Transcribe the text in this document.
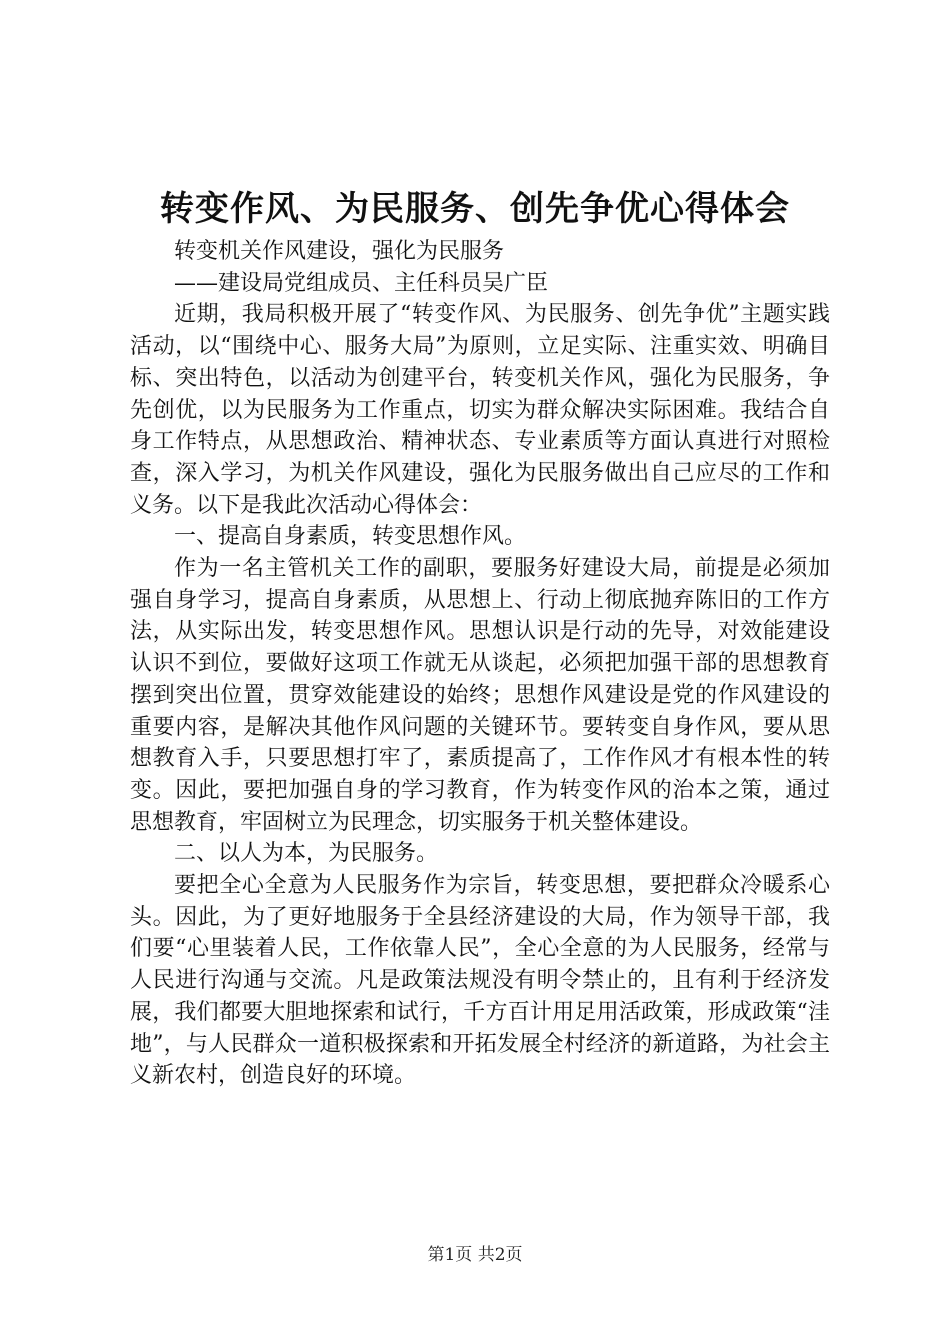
转变作风、为民服务、创先争优心得体会

转变机关作风建设，强化为民服务

——建设局党组成员、主任科员吴广臣

近期，我局积极开展了“转变作风、为民服务、创先争优”主题实践活动，以“围绕中心、服务大局”为原则，立足实际、注重实效、明确目标、突出特色，以活动为创建平台，转变机关作风，强化为民服务，争先创优，以为民服务为工作重点，切实为群众解决实际困难。我结合自身工作特点，从思想政治、精神状态、专业素质等方面认真进行对照检查，深入学习，为机关作风建设，强化为民服务做出自己应尽的工作和义务。以下是我此次活动心得体会：

一、提高自身素质，转变思想作风。

作为一名主管机关工作的副职，要服务好建设大局，前提是必须加强自身学习，提高自身素质，从思想上、行动上彻底抛弃陈旧的工作方法，从实际出发，转变思想作风。思想认识是行动的先导，对效能建设认识不到位，要做好这项工作就无从谈起，必须把加强干部的思想教育摆到突出位置，贯穿效能建设的始终；思想作风建设是党的作风建设的重要内容，是解决其他作风问题的关键环节。要转变自身作风，要从思想教育入手，只要思想打牢了，素质提高了，工作作风才有根本性的转变。因此，要把加强自身的学习教育，作为转变作风的治本之策，通过思想教育，牢固树立为民理念，切实服务于机关整体建设。

二、以人为本，为民服务。

要把全心全意为人民服务作为宗旨，转变思想，要把群众冷暖系心头。因此，为了更好地服务于全县经济建设的大局，作为领导干部，我们要“心里装着人民，工作依靠人民”，全心全意的为人民服务，经常与人民进行沟通与交流。凡是政策法规没有明令禁止的，且有利于经济发展，我们都要大胆地探索和试行，千方百计用足用活政策，形成政策“洼地”，与人民群众一道积极探索和开拓发展全村经济的新道路，为社会主义新农村，创造良好的环境。

第1页 共2页
